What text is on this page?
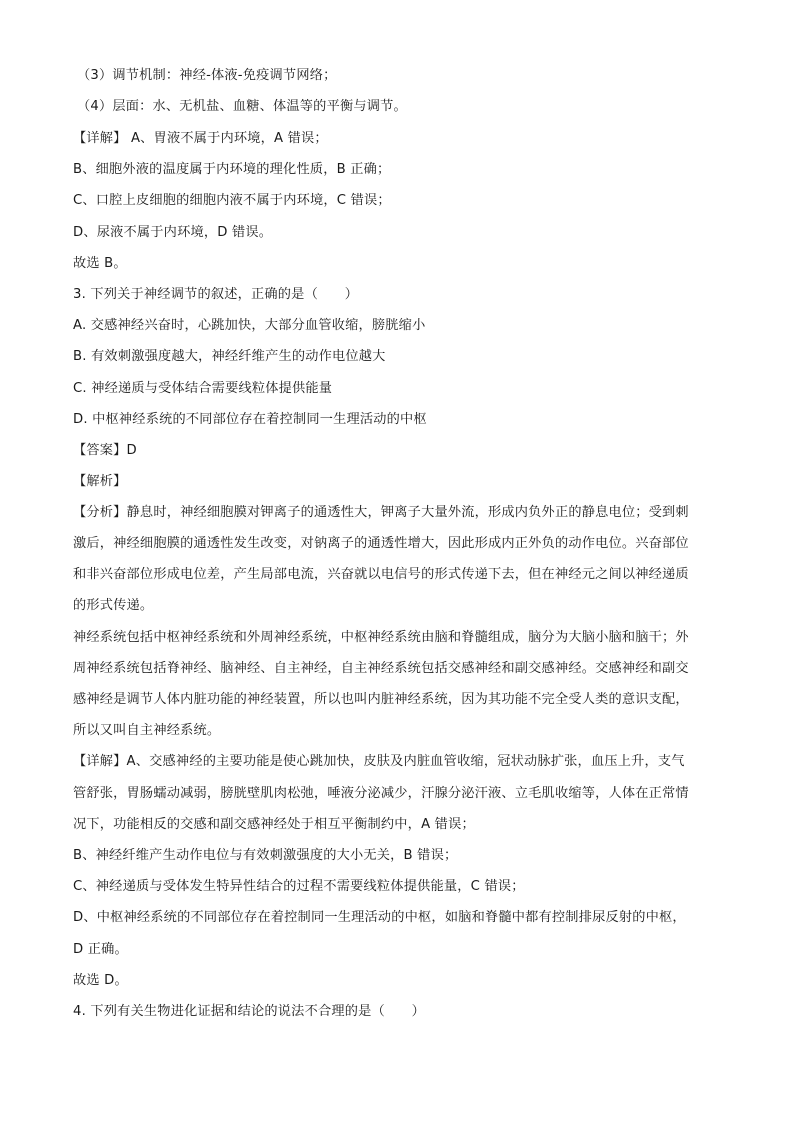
（3）调节机制：神经-体液-免疫调节网络；
（4）层面：水、无机盐、血糖、体温等的平衡与调节。
【详解】 A、胃液不属于内环境，A 错误；
B、细胞外液的温度属于内环境的理化性质，B 正确；
C、口腔上皮细胞的细胞内液不属于内环境，C 错误；
D、尿液不属于内环境，D 错误。
故选 B。
3. 下列关于神经调节的叙述，正确的是（　　）
A. 交感神经兴奋时，心跳加快，大部分血管收缩，膀胱缩小
B. 有效刺激强度越大，神经纤维产生的动作电位越大
C. 神经递质与受体结合需要线粒体提供能量
D. 中枢神经系统的不同部位存在着控制同一生理活动的中枢
【答案】D
【解析】
【分析】静息时，神经细胞膜对钾离子的通透性大，钾离子大量外流，形成内负外正的静息电位；受到刺
激后，神经细胞膜的通透性发生改变，对钠离子的通透性增大，因此形成内正外负的动作电位。兴奋部位
和非兴奋部位形成电位差，产生局部电流，兴奋就以电信号的形式传递下去，但在神经元之间以神经递质
的形式传递。
神经系统包括中枢神经系统和外周神经系统，中枢神经系统由脑和脊髓组成，脑分为大脑小脑和脑干；外
周神经系统包括脊神经、脑神经、自主神经，自主神经系统包括交感神经和副交感神经。交感神经和副交
感神经是调节人体内脏功能的神经装置，所以也叫内脏神经系统，因为其功能不完全受人类的意识支配，
所以又叫自主神经系统。
【详解】A、交感神经的主要功能是使心跳加快，皮肤及内脏血管收缩，冠状动脉扩张，血压上升，支气
管舒张，胃肠蠕动减弱，膀胱壁肌肉松弛，唾液分泌减少，汗腺分泌汗液、立毛肌收缩等，人体在正常情
况下，功能相反的交感和副交感神经处于相互平衡制约中，A 错误；
B、神经纤维产生动作电位与有效刺激强度的大小无关，B 错误；
C、神经递质与受体发生特异性结合的过程不需要线粒体提供能量，C 错误；
D、中枢神经系统的不同部位存在着控制同一生理活动的中枢，如脑和脊髓中都有控制排尿反射的中枢，
D 正确。
故选 D。
4. 下列有关生物进化证据和结论的说法不合理的是（　　）
